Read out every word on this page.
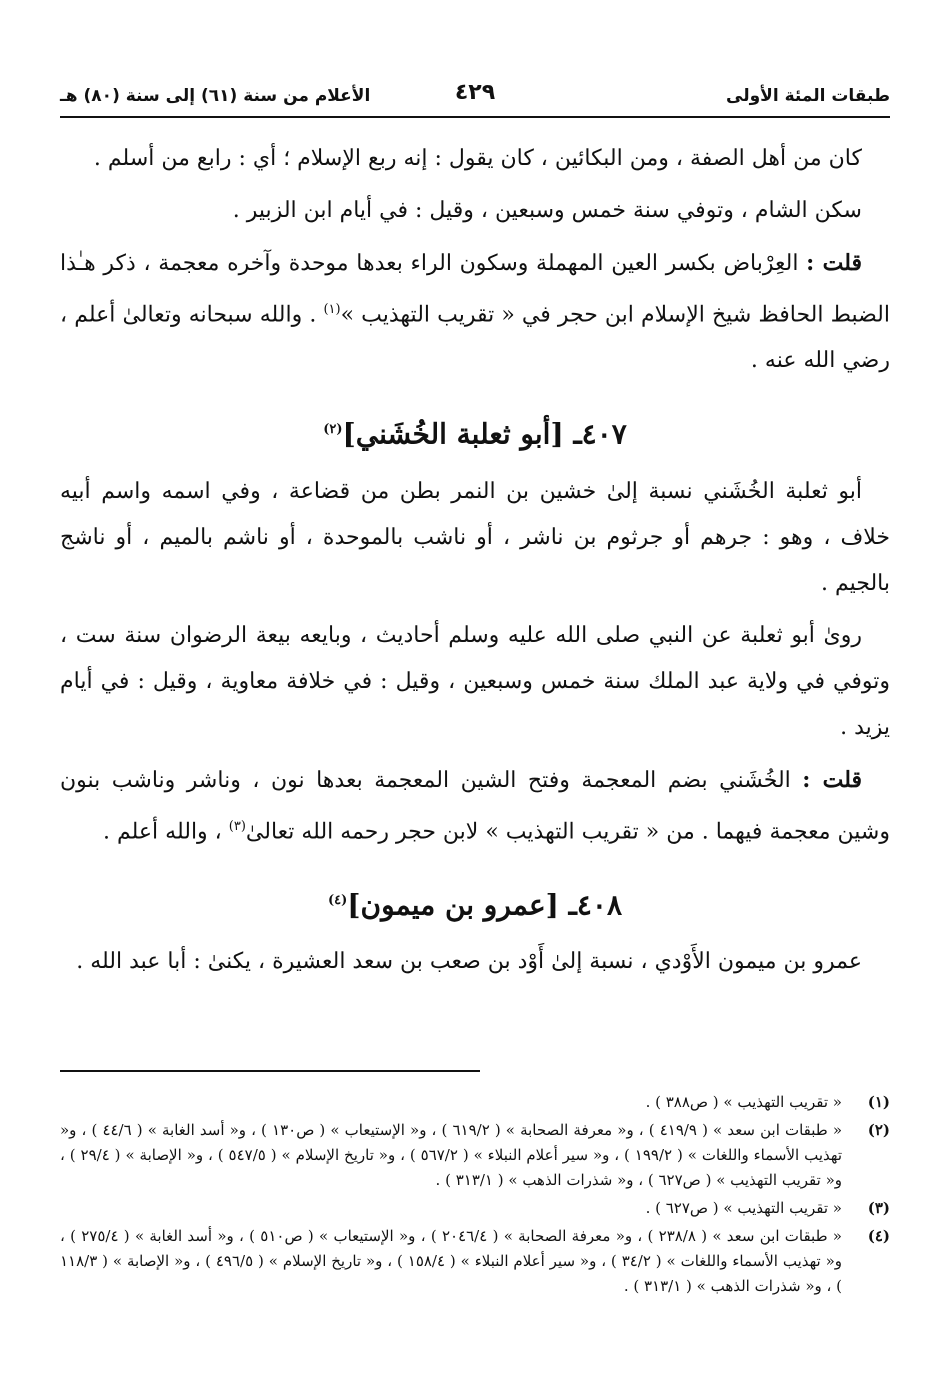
طبقات المئة الأولى
٤٢٩
الأعلام من سنة (٦١) إلى سنة (٨٠) هـ

كان من أهل الصفة ، ومن البكائين ، كان يقول : إنه ربع الإسلام ؛ أي : رابع من أسلم .

سكن الشام ، وتوفي سنة خمس وسبعين ، وقيل : في أيام ابن الزبير .

قلت : العِرْباض بكسر العين المهملة وسكون الراء بعدها موحدة وآخره معجمة ، ذكر هـٰذا الضبط الحافظ شيخ الإسلام ابن حجر في « تقريب التهذيب »$^{(١)}$ . والله سبحانه وتعالىٰ أعلم ، رضي الله عنه .

٤٠٧ـ [أبو ثعلبة الخُشَني]$^{(٢)}$

أبو ثعلبة الخُشَني نسبة إلىٰ خشين بن النمر بطن من قضاعة ، وفي اسمه واسم أبيه خلاف ، وهو : جرهم أو جرثوم بن ناشر ، أو ناشب بالموحدة ، أو ناشم بالميم ، أو ناشج بالجيم .

روىٰ أبو ثعلبة عن النبي صلى الله عليه وسلم أحاديث ، وبايعه بيعة الرضوان سنة ست ، وتوفي في ولاية عبد الملك سنة خمس وسبعين ، وقيل : في خلافة معاوية ، وقيل : في أيام يزيد .

قلت : الخُشَني بضم المعجمة وفتح الشين المعجمة بعدها نون ، وناشر وناشب بنون وشين معجمة فيهما . من « تقريب التهذيب » لابن حجر رحمه الله تعالىٰ$^{(٣)}$ ، والله أعلم .

٤٠٨ـ [عمرو بن ميمون]$^{(٤)}$

عمرو بن ميمون الأَوْدي ، نسبة إلىٰ أَوْد بن صعب بن سعد العشيرة ، يكنىٰ : أبا عبد الله .

(١)
« تقريب التهذيب » ( ص٣٨٨ ) .
(٢)
« طبقات ابن سعد » ( ٤١٩/٩ ) ، و« معرفة الصحابة » ( ٦١٩/٢ ) ، و« الإستيعاب » ( ص١٣٠ ) ، و« أسد الغابة » ( ٤٤/٦ ) ، و« تهذيب الأسماء واللغات » ( ١٩٩/٢ ) ، و« سير أعلام النبلاء » ( ٥٦٧/٢ ) ، و« تاريخ الإسلام » ( ٥٤٧/٥ ) ، و« الإصابة » ( ٢٩/٤ ) ، و« تقريب التهذيب » ( ص٦٢٧ ) ، و« شذرات الذهب » ( ٣١٣/١ ) .
(٣)
« تقريب التهذيب » ( ص٦٢٧ ) .
(٤)
« طبقات ابن سعد » ( ٢٣٨/٨ ) ، و« معرفة الصحابة » ( ٢٠٤٦/٤ ) ، و« الإستيعاب » ( ص٥١٠ ) ، و« أسد الغابة » ( ٢٧٥/٤ ) ، و« تهذيب الأسماء واللغات » ( ٣٤/٢ ) ، و« سير أعلام النبلاء » ( ١٥٨/٤ ) ، و« تاريخ الإسلام » ( ٤٩٦/٥ ) ، و« الإصابة » ( ١١٨/٣ ) ، و« شذرات الذهب » ( ٣١٣/١ ) .
